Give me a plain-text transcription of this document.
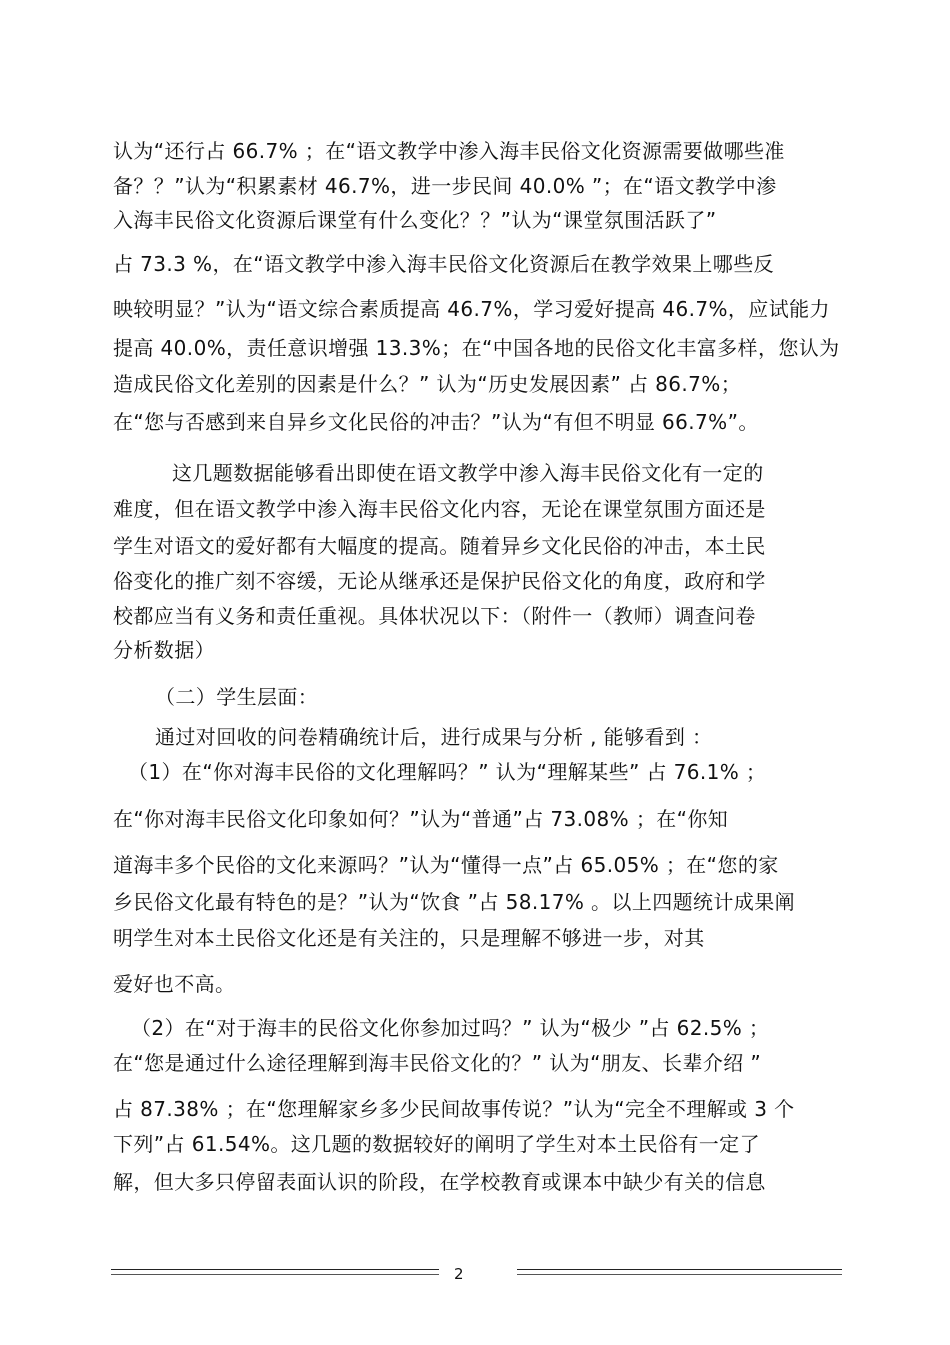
认为“还行占 66.7% ；在“语文教学中渗入海丰民俗文化资源需要做哪些准
备？？”认为“积累素材 46.7%，进一步民间 40.0% ”；在“语文教学中渗
入海丰民俗文化资源后课堂有什么变化？？”认为“课堂氛围活跃了”
占 73.3 %，在“语文教学中渗入海丰民俗文化资源后在教学效果上哪些反
映较明显？”认为“语文综合素质提高 46.7%，学习爱好提高 46.7%，应试能力
提高 40.0%，责任意识增强 13.3%；在“中国各地的民俗文化丰富多样，您认为
造成民俗文化差别的因素是什么？” 认为“历史发展因素” 占 86.7%；
在“您与否感到来自异乡文化民俗的冲击？”认为“有但不明显 66.7%”。
这几题数据能够看出即使在语文教学中渗入海丰民俗文化有一定的
难度，但在语文教学中渗入海丰民俗文化内容，无论在课堂氛围方面还是
学生对语文的爱好都有大幅度的提高。随着异乡文化民俗的冲击，本土民
俗变化的推广刻不容缓，无论从继承还是保护民俗文化的角度，政府和学
校都应当有义务和责任重视。具体状况以下：（附件一（教师）调查问卷
分析数据）
（二）学生层面：
通过对回收的问卷精确统计后，进行成果与分析 , 能够看到 ：
（1）在“你对海丰民俗的文化理解吗？” 认为“理解某些” 占 76.1% ；
在“你对海丰民俗文化印象如何？”认为“普通”占 73.08% ；在“你知
道海丰多个民俗的文化来源吗？”认为“懂得一点”占 65.05% ；在“您的家
乡民俗文化最有特色的是？”认为“饮食 ”占 58.17% 。以上四题统计成果阐
明学生对本土民俗文化还是有关注的，只是理解不够进一步，对其
爱好也不高。
（2）在“对于海丰的民俗文化你参加过吗？” 认为“极少 ”占 62.5% ；
在“您是通过什么途径理解到海丰民俗文化的？” 认为“朋友、长辈介绍 ”
占 87.38% ；在“您理解家乡多少民间故事传说？”认为“完全不理解或 3 个
下列”占 61.54%。这几题的数据较好的阐明了学生对本土民俗有一定了
解，但大多只停留表面认识的阶段，在学校教育或课本中缺少有关的信息
2
